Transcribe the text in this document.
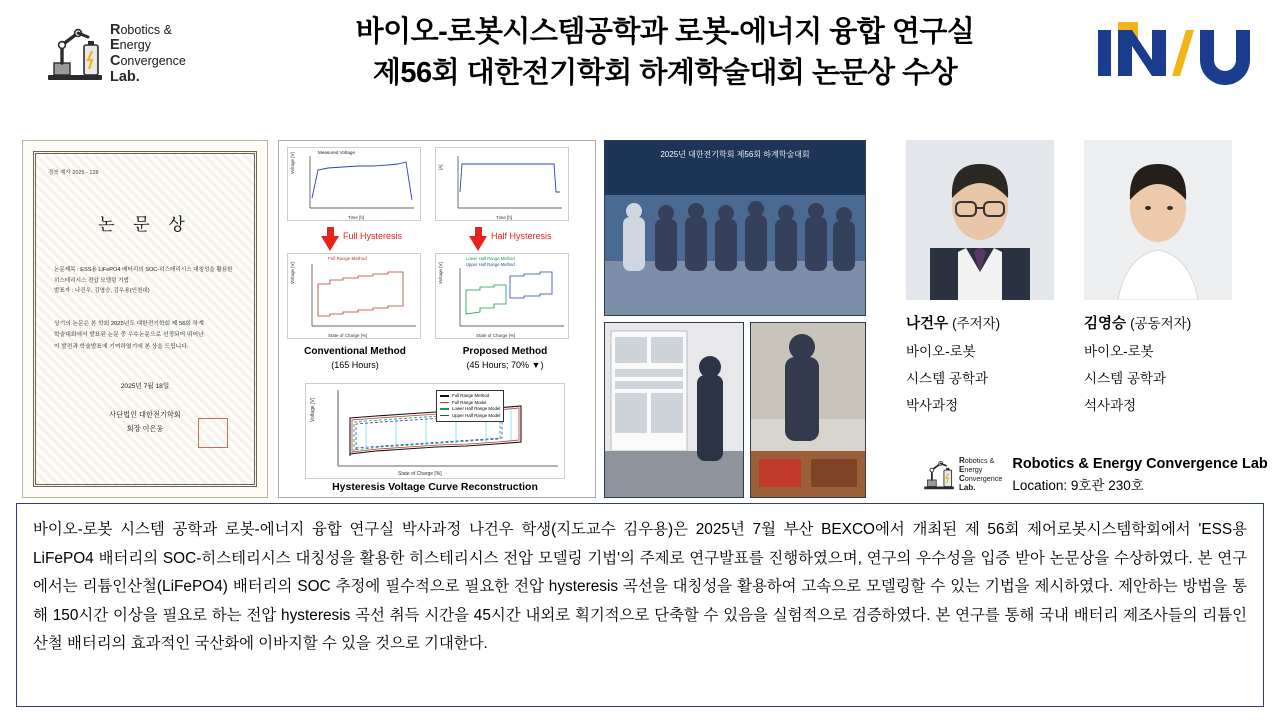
Robotics &
Energy
Convergence
Lab.
바이오-로봇시스템공학과 로봇-에너지 융합 연구실
제56회 대한전기학회 하계학술대회 논문상 수상
경북 제자 2025 - 128
논 문 상
논문제목 : ESS용 LiFePO4 배터리의 SOC-히스테리시스 대칭성을 활용한
히스테리시스 전압 모델링 기법
발표자 : 나건우, 김영승, 김우용(인천대)
상기의 논문은 본 학회 2025년도 대한전기학회 제 56회 하계
학술대회에서 발표된 논문 중 우수논문으로 선정되어 뛰어난
이 발전과 학술발표에 기여하였기에 본 상을 드립니다.
2025년 7월 18일
사단법인 대한전기학회
회장 이은웅
Measured Voltage
Voltage [V]
Time [h]
[A]
Time [h]
Full Hysteresis	Half Hysteresis
Full Range Method
Voltage [V]
State of Charge [%]
Lower Half Range Method
Upper Half Range Method
Voltage [V]
State of Charge [%]
Conventional Method
(165 Hours)
Proposed Method
(45 Hours; 70% ▼)
Full Range Method
Full Range Model
Lower Half Range Model
Upper Half Range Model
Voltage [V]
State of Charge [%]
Hysteresis Voltage Curve Reconstruction
2025년 대한전기학회 제56회 하계학술대회
나건우 (주저자)
바이오-로봇
시스템 공학과
박사과정
김영승 (공동저자)
바이오-로봇
시스템 공학과
석사과정
Robotics &
Energy
Convergence
Lab.
Robotics & Energy Convergence Lab
Location: 9호관 230호
바이오-로봇 시스템 공학과 로봇-에너지 융합 연구실 박사과정 나건우 학생(지도교수 김우용)은 2025년 7월 부산 BEXCO에서 개최된 제 56회 제어로봇시스템학회에서 'ESS용 LiFePO4 배터리의 SOC-히스테리시스 대칭성을 활용한 히스테리시스 전압 모델링 기법'의 주제로 연구발표를 진행하였으며, 연구의 우수성을 입증 받아 논문상을 수상하였다. 본 연구에서는 리튬인산철(LiFePO4) 배터리의 SOC 추정에 필수적으로 필요한 전압 hysteresis 곡선을 대칭성을 활용하여 고속으로 모델링할 수 있는 기법을 제시하였다. 제안하는 방법을 통해 150시간 이상을 필요로 하는 전압 hysteresis 곡선 취득 시간을 45시간 내외로 획기적으로 단축할 수 있음을 실험적으로 검증하였다. 본 연구를 통해 국내 배터리 제조사들의 리튬인산철 배터리의 효과적인 국산화에 이바지할 수 있을 것으로 기대한다.
